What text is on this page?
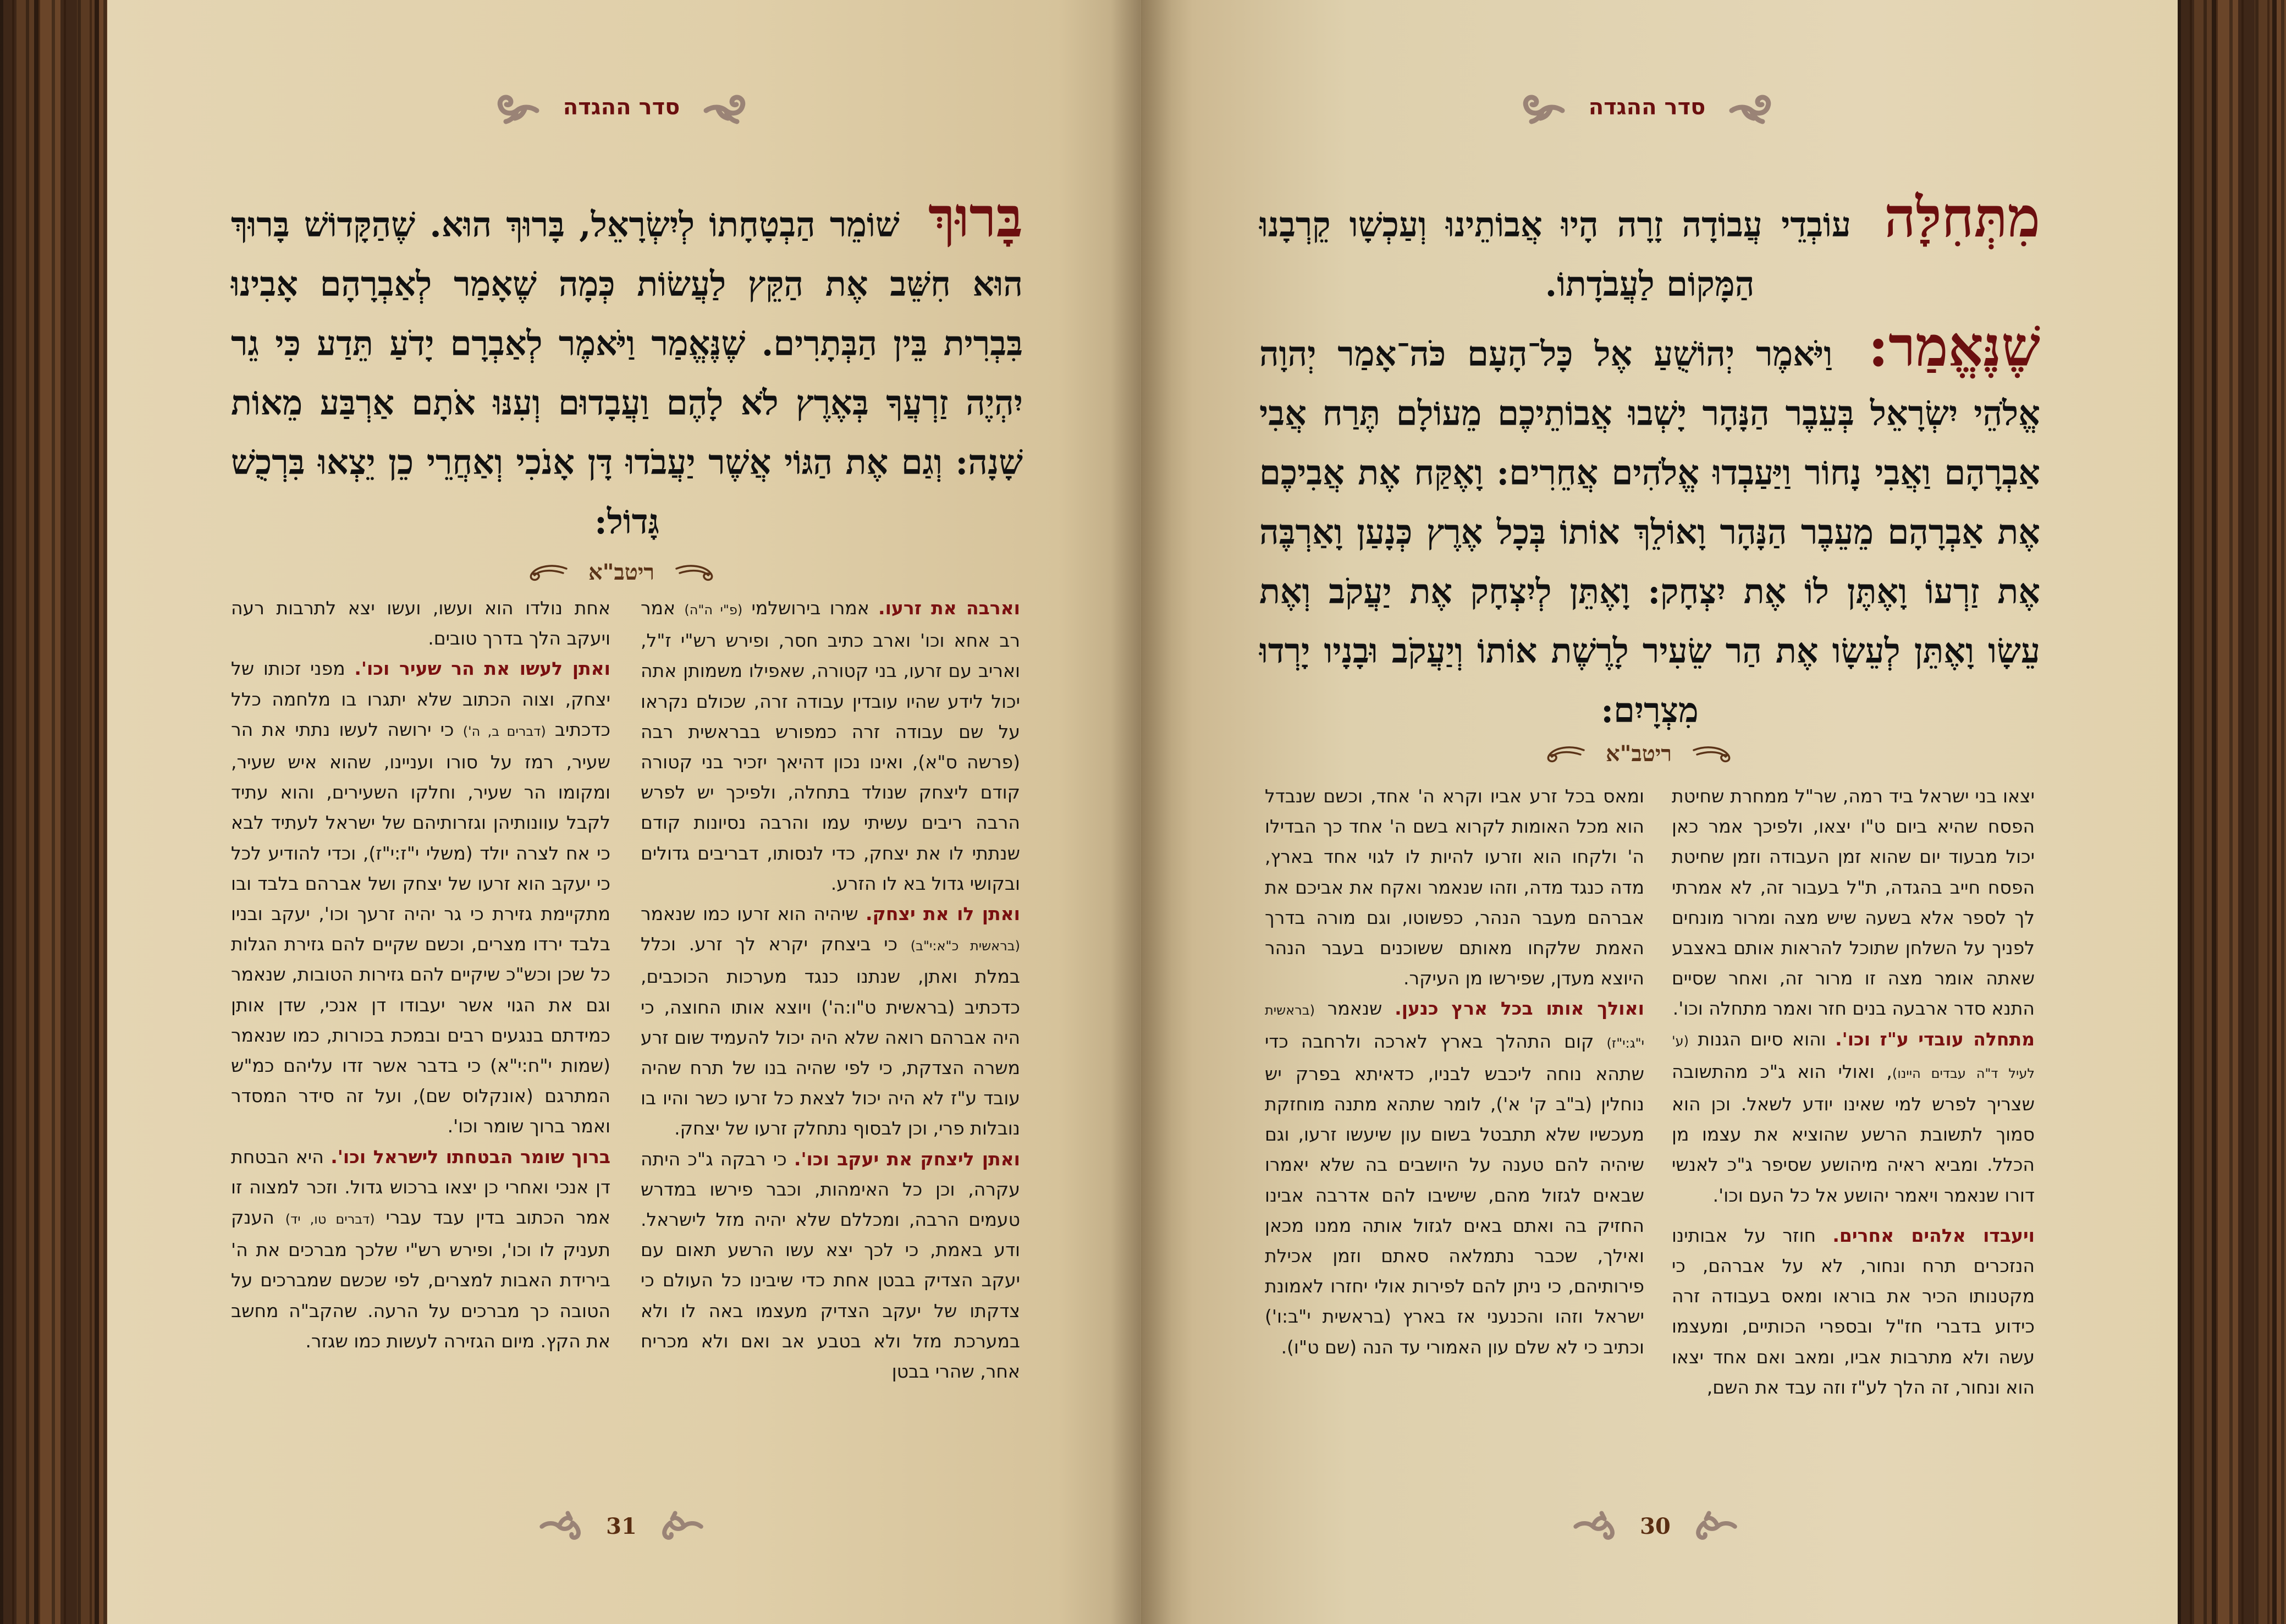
סדר ההגדה
בָּרוּךְ שׁוֹמֵר הַבְטָחָתוֹ לְיִשְׂרָאֵל, בָּרוּךְ הוּא. שֶׁהַקָּדוֹשׁ בָּרוּךְ הוּא חִשֵּׁב אֶת הַקֵּץ לַעֲשׂוֹת כְּמָה שֶׁאָמַר לְאַבְרָהָם אָבִינוּ בִּבְרִית בֵּין הַבְּתָרִים. שֶׁנֶּאֱמַר וַיֹּאמֶר לְאַבְרָם יָדֹעַ תֵּדַע כִּי גֵר יִהְיֶה זַרְעֲךָ בְּאֶרֶץ לֹא לָהֶם וַעֲבָדוּם וְעִנּוּ אֹתָם אַרְבַּע מֵאוֹת שָׁנָה: וְגַם אֶת הַגּוֹי אֲשֶׁר יַעֲבֹדוּ דָּן אָנֹכִי וְאַחֲרֵי כֵן יֵצְאוּ בִּרְכֻשׁ גָּדוֹל:
ריטב"א

וארבה את זרעו. אמרו בירושלמי (פ"י ה"ה) אמר רב אחא וכו' וארב כתיב חסר, ופירש רש"י ז"ל, ואריב עם זרעו, בני קטורה, שאפילו משמותן אתה יכול לידע שהיו עובדין עבודה זרה, שכולם נקראו על שם עבודה זרה כמפורש בבראשית רבה (פרשה ס"א), ואינו נכון דהיאך יזכיר בני קטורה קודם ליצחק שנולד בתחלה, ולפיכך יש לפרש הרבה ריבים עשיתי עמו והרבה נסיונות קודם שנתתי לו את יצחק, כדי לנסותו, דבריבים גדולים ובקושי גדול בא לו הזרע.

ואתן לו את יצחק. שיהיה הוא זרעו כמו שנאמר (בראשית כ"א:י"ב) כי ביצחק יקרא לך זרע. וכלל במלת ואתן, שנתנו כנגד מערכות הכוכבים, כדכתיב (בראשית ט"ו:ה') ויוצא אותו החוצה, כי היה אברהם רואה שלא היה יכול להעמיד שום זרע משרה הצדקת, כי לפי שהיה בנו של תרח שהיה עובד ע"ז לא היה יכול לצאת כל זרעו כשר והיו בו נובלות פרי, וכן לבסוף נתחלק זרעו של יצחק.

ואתן ליצחק את יעקב וכו'. כי רבקה ג"כ היתה עקרה, וכן כל האימהות, וכבר פירשו במדרש טעמים הרבה, ומכללם שלא יהיה מזל לישראל. ודע באמת, כי לכך יצא עשו הרשע תאום עם יעקב הצדיק בבטן אחת כדי שיבינו כל העולם כי צדקתו של יעקב הצדיק מעצמו באה לו ולא במערכת מזל ולא בטבע אב ואם ולא מכריח אחר, שהרי בבטן

אחת נולדו הוא ועשו, ועשו יצא לתרבות רעה ויעקב הלך בדרך טובים.

ואתן לעשו את הר שעיר וכו'. מפני זכותו של יצחק, וצוה הכתוב שלא יתגרו בו מלחמה כלל כדכתיב (דברים ב, ה') כי ירושה לעשו נתתי את הר שעיר, רמז על סורו ועניינו, שהוא איש שעיר, ומקומו הר שעיר, וחלקו השעירים, והוא עתיד לקבל עוונותיהן וגזרותיהם של ישראל לעתיד לבא כי אח לצרה יולד (משלי י"ז:י"ז), וכדי להודיע לכל כי יעקב הוא זרעו של יצחק ושל אברהם בלבד ובו מתקיימת גזירת כי גר יהיה זרעך וכו', יעקב ובניו בלבד ירדו מצרים, וכשם שקיים להם גזירת הגלות כל שכן וכש"כ שיקיים להם גזירות הטובות, שנאמר וגם את הגוי אשר יעבודו דן אנכי, שדן אותן כמידתם בנגעים רבים ובמכת בכורות, כמו שנאמר (שמות י"ח:י"א) כי בדבר אשר זדו עליהם כמ"ש המתרגם (אונקלוס שם), ועל זה סידר המסדר ואמר ברוך שומר וכו'.

ברוך שומר הבטחתו לישראל וכו'. היא הבטחת דן אנכי ואחרי כן יצאו ברכוש גדול. וזכר למצוה זו אמר הכתוב בדין עבד עברי (דברים טו, יד) הענק תעניק לו וכו', ופירש רש"י שלכך מברכים את ה' בירידת האבות למצרים, לפי שכשם שמברכים על הטובה כך מברכים על הרעה. שהקב"ה מחשב את הקץ. מיום הגזירה לעשות כמו שגזר.

31
סדר ההגדה
מִתְּחִלָּה עוֹבְדֵי עֲבוֹדָה זָרָה הָיוּ אֲבוֹתֵינוּ וְעַכְשָׁו קֵרְבָנוּ הַמָּקוֹם לַעֲבֹדָתוֹ.
שֶׁנֶּאֱמַר: וַיֹּאמֶר יְהוֹשֻׁעַ אֶל כָּל־הָעָם כֹּה־אָמַר יְהוָה אֱלֹהֵי יִשְׂרָאֵל בְּעֵבֶר הַנָּהָר יָשְׁבוּ אֲבוֹתֵיכֶם מֵעוֹלָם תֶּרַח אֲבִי אַבְרָהָם וַאֲבִי נָחוֹר וַיַּעַבְדוּ אֱלֹהִים אֲחֵרִים: וָאֶקַּח אֶת אֲבִיכֶם אֶת אַבְרָהָם מֵעֵבֶר הַנָּהָר וָאוֹלֵךְ אוֹתוֹ בְּכָל אֶרֶץ כְּנָעַן וָאַרְבֶּה אֶת זַרְעוֹ וָאֶתֶּן לוֹ אֶת יִצְחָק: וָאֶתֵּן לְיִצְחָק אֶת יַעֲקֹב וְאֶת עֵשָׂו וָאֶתֵּן לְעֵשָׂו אֶת הַר שֵׂעִיר לָרֶשֶׁת אוֹתוֹ וְיַעֲקֹב וּבָנָיו יָרְדוּ מִצְרָיִם:
ריטב"א

יצאו בני ישראל ביד רמה, שר"ל ממחרת שחיטת הפסח שהיא ביום ט"ו יצאו, ולפיכך אמר כאן יכול מבעוד יום שהוא זמן העבודה וזמן שחיטת הפסח חייב בהגדה, ת"ל בעבור זה, לא אמרתי לך לספר אלא בשעה שיש מצה ומרור מונחים לפניך על השלחן שתוכל להראות אותם באצבע שאתה אומר מצה זו מרור זה, ואחר שסיים התנא סדר ארבעה בנים חזר ואמר מתחלה וכו'.

מתחלה עובדי ע"ז וכו'. והוא סיום הגנות (ע' לעיל ד"ה עבדים היינו), ואולי הוא ג"כ מהתשובה שצריך לפרש למי שאינו יודע לשאל. וכן הוא סמוך לתשובת הרשע שהוציא את עצמו מן הכלל. ומביא ראיה מיהושע שסיפר ג"כ לאנשי דורו שנאמר ויאמר יהושע אל כל העם וכו'.

ויעבדו אלהים אחרים. חוזר על אבותינו הנזכרים תרח ונחור, לא על אברהם, כי מקטנותו הכיר את בוראו ומאס בעבודה זרה כידוע בדברי חז"ל ובספרי הכותיים, ומעצמו עשה ולא מתרבות אביו, ומאב ואם אחד יצאו הוא ונחור, זה הלך לע"ז וזה עבד את השם,

ומאס בכל זרע אביו וקרא ה' אחד, וכשם שנבדל הוא מכל האומות לקרוא בשם ה' אחד כך הבדילו ה' ולקחו הוא וזרעו להיות לו לגוי אחד בארץ, מדה כנגד מדה, וזהו שנאמר ואקח את אביכם את אברהם מעבר הנהר, כפשוטו, וגם מורה בדרך האמת שלקחו מאותם ששוכנים בעבר הנהר היוצא מעדן, שפירשו מן העיקר.

ואולך אותו בכל ארץ כנען. שנאמר (בראשית י"ג:י"ז) קום התהלך בארץ לארכה ולרחבה כדי שתהא נוחה ליכבש לבניו, כדאיתא בפרק יש נוחלין (ב"ב ק' א'), לומר שתהא מתנה מוחזקת מעכשיו שלא תתבטל בשום עון שיעשו זרעו, וגם שיהיה להם טענה על היושבים בה שלא יאמרו שבאים לגזול מהם, שישיבו להם אדרבה אבינו החזיק בה ואתם באים לגזול אותה ממנו מכאן ואילך, שכבר נתמלאה סאתם וזמן אכילת פירותיהם, כי ניתן להם לפירות אולי יחזרו לאמונת ישראל וזהו והכנעני אז בארץ (בראשית י"ב:ו') וכתיב כי לא שלם עון האמורי עד הנה (שם ט"ו).

30
